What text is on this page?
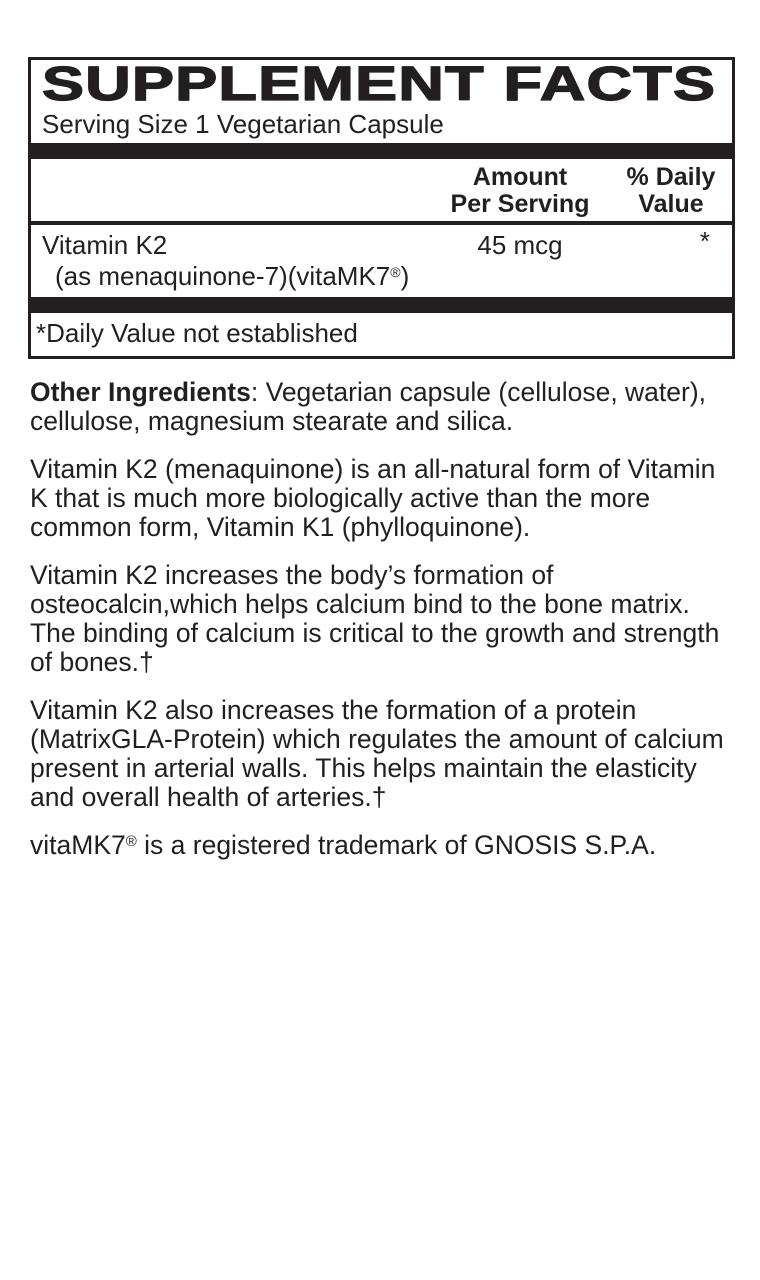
SUPPLEMENT FACTS
Serving Size 1 Vegetarian Capsule
Amount
Per Serving
% Daily
Value
Vitamin K2	45 mcg	*
(as menaquinone-7)(vitaMK7®)
*Daily Value not established
Other Ingredients: Vegetarian capsule (cellulose, water),
cellulose, magnesium stearate and silica.
Vitamin K2 (menaquinone) is an all-natural form of Vitamin
K that is much more biologically active than the more
common form, Vitamin K1 (phylloquinone).
Vitamin K2 increases the body’s formation of
osteocalcin,which helps calcium bind to the bone matrix.
The binding of calcium is critical to the growth and strength
of bones.†
Vitamin K2 also increases the formation of a protein
(MatrixGLA-Protein) which regulates the amount of calcium
present in arterial walls. This helps maintain the elasticity
and overall health of arteries.†
vitaMK7® is a registered trademark of GNOSIS S.P.A.
